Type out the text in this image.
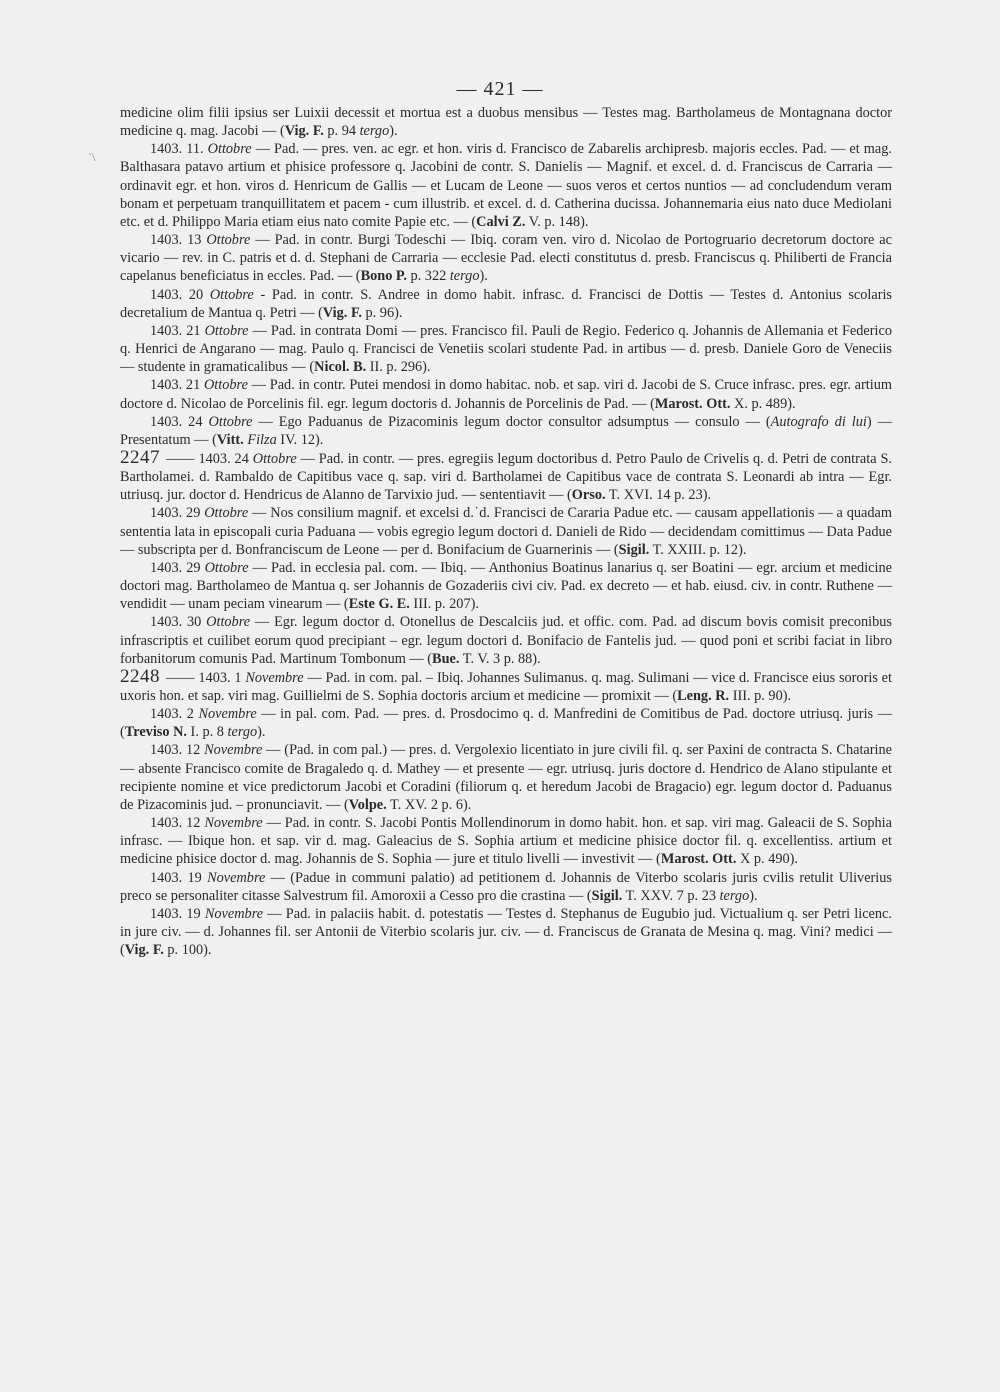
— 421 —
˙\

medicine olim filii ipsius ser Luixii decessit et mortua est a duobus mensibus — Testes mag. Bartholameus de Montagnana doctor medicine q. mag. Jacobi — (Vig. F. p. 94 tergo).

1403. 11. Ottobre — Pad. — pres. ven. ac egr. et hon. viris d. Francisco de Zabarelis archipresb. majoris eccles. Pad. — et mag. Balthasara patavo artium et phisice professore q. Jacobini de contr. S. Danielis — Magnif. et excel. d. d. Franciscus de Carraria — ordinavit egr. et hon. viros d. Henricum de Gallis — et Lucam de Leone — suos veros et certos nuntios — ad concludendum veram bonam et perpetuam tranquillitatem et pacem - cum illustrib. et excel. d. d. Catherina ducissa. Johannemaria eius nato duce Mediolani etc. et d. Philippo Maria etiam eius nato comite Papie etc. — (Calvi Z. V. p. 148).

1403. 13 Ottobre — Pad. in contr. Burgi Todeschi — Ibiq. coram ven. viro d. Nicolao de Portogruario decretorum doctore ac vicario — rev. in C. patris et d. d. Stephani de Carraria — ecclesie Pad. electi constitutus d. presb. Franciscus q. Philiberti de Francia capelanus beneficiatus in eccles. Pad. — (Bono P. p. 322 tergo).

1403. 20 Ottobre - Pad. in contr. S. Andree in domo habit. infrasc. d. Francisci de Dottis — Testes d. Antonius scolaris decretalium de Mantua q. Petri — (Vig. F. p. 96).

1403. 21 Ottobre — Pad. in contrata Domi — pres. Francisco fil. Pauli de Regio. Federico q. Johannis de Allemania et Federico q. Henrici de Angarano — mag. Paulo q. Francisci de Venetiis scolari studente Pad. in artibus — d. presb. Daniele Goro de Veneciis — studente in gramaticalibus — (Nicol. B. II. p. 296).

1403. 21 Ottobre — Pad. in contr. Putei mendosi in domo habitac. nob. et sap. viri d. Jacobi de S. Cruce infrasc. pres. egr. artium doctore d. Nicolao de Porcelinis fil. egr. legum doctoris d. Johannis de Porcelinis de Pad. — (Marost. Ott. X. p. 489).

1403. 24 Ottobre — Ego Paduanus de Pizacominis legum doctor consultor adsumptus — consulo — (Autografo di lui) — Presentatum — (Vitt. Filza IV. 12).

2247 —— 1403. 24 Ottobre — Pad. in contr. — pres. egregiis legum doctoribus d. Petro Paulo de Crivelis q. d. Petri de contrata S. Bartholamei. d. Rambaldo de Capitibus vace q. sap. viri d. Bartholamei de Capitibus vace de contrata S. Leonardi ab intra — Egr. utriusq. jur. doctor d. Hendricus de Alanno de Tarvixio jud. — sententiavit — (Orso. T. XVI. 14 p. 23).

1403. 29 Ottobre — Nos consilium magnif. et excelsi d.˙d. Francisci de Cararia Padue etc. — causam appellationis — a quadam sententia lata in episcopali curia Paduana — vobis egregio legum doctori d. Danieli de Rido — decidendam comittimus — Data Padue — subscripta per d. Bonfranciscum de Leone — per d. Bonifacium de Guarnerinis — (Sigil. T. XXIII. p. 12).

1403. 29 Ottobre — Pad. in ecclesia pal. com. — Ibiq. — Anthonius Boatinus lanarius q. ser Boatini — egr. arcium et medicine doctori mag. Bartholameo de Mantua q. ser Johannis de Gozaderiis civi civ. Pad. ex decreto — et hab. eiusd. civ. in contr. Ruthene — vendidit — unam peciam vinearum — (Este G. E. III. p. 207).

1403. 30 Ottobre — Egr. legum doctor d. Otonellus de Descalciis jud. et offic. com. Pad. ad discum bovis comisit preconibus infrascriptis et cuilibet eorum quod precipiant – egr. legum doctori d. Bonifacio de Fantelis jud. — quod poni et scribi faciat in libro forbanitorum comunis Pad. Martinum Tombonum — (Bue. T. V. 3 p. 88).

2248 —— 1403. 1 Novembre — Pad. in com. pal. – Ibiq. Johannes Sulimanus. q. mag. Sulimani — vice d. Francisce eius sororis et uxoris hon. et sap. viri mag. Guillielmi de S. Sophia doctoris arcium et medicine — promixit — (Leng. R. III. p. 90).

1403. 2 Novembre — in pal. com. Pad. — pres. d. Prosdocimo q. d. Manfredini de Comitibus de Pad. doctore utriusq. juris — (Treviso N. I. p. 8 tergo).

1403. 12 Novembre — (Pad. in com pal.) — pres. d. Vergolexio licentiato in jure civili fil. q. ser Paxini de contracta S. Chatarine — absente Francisco comite de Bragaledo q. d. Mathey — et presente — egr. utriusq. juris doctore d. Hendrico de Alano stipulante et recipiente nomine et vice predictorum Jacobi et Coradini (filiorum q. et heredum Jacobi de Bragacio) egr. legum doctor d. Paduanus de Pizacominis jud. – pronunciavit. — (Volpe. T. XV. 2 p. 6).

1403. 12 Novembre — Pad. in contr. S. Jacobi Pontis Mollendinorum in domo habit. hon. et sap. viri mag. Galeacii de S. Sophia infrasc. — Ibique hon. et sap. vir d. mag. Galeacius de S. Sophia artium et medicine phisice doctor fil. q. excellentiss. artium et medicine phisice doctor d. mag. Johannis de S. Sophia — jure et titulo livelli — investivit — (Marost. Ott. X p. 490).

1403. 19 Novembre — (Padue in communi palatio) ad petitionem d. Johannis de Viterbo scolaris juris cvilis retulit Uliverius preco se personaliter citasse Salvestrum fil. Amoroxii a Cesso pro die crastina — (Sigil. T. XXV. 7 p. 23 tergo).

1403. 19 Novembre — Pad. in palaciis habit. d. potestatis — Testes d. Stephanus de Eugubio jud. Victualium q. ser Petri licenc. in jure civ. — d. Johannes fil. ser Antonii de Viterbio scolaris jur. civ. — d. Franciscus de Granata de Mesina q. mag. Vini? medici — (Vig. F. p. 100).
